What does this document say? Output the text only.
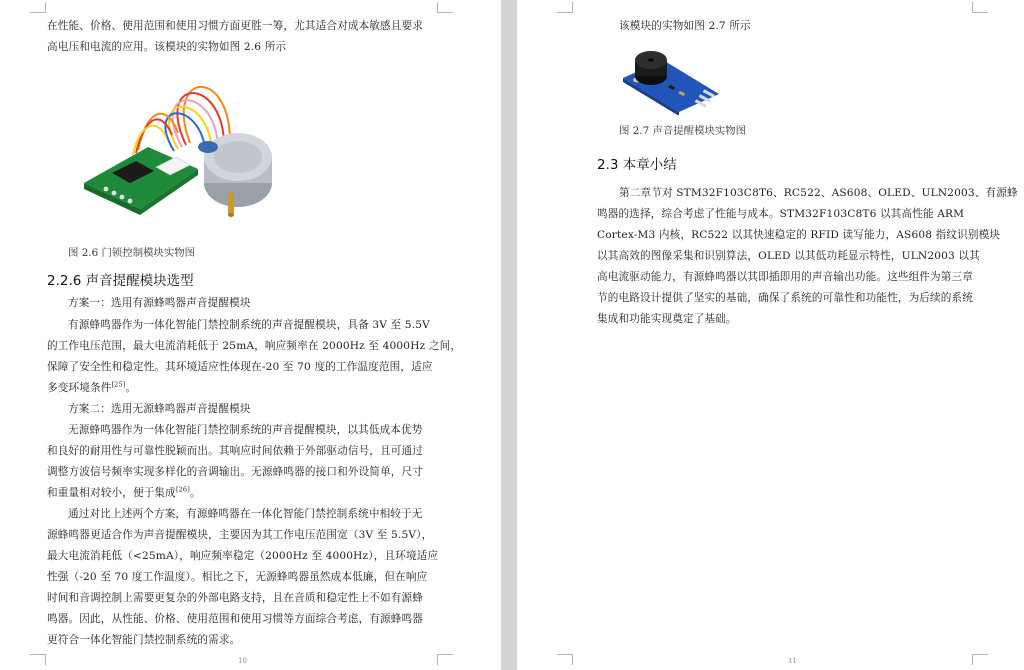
在性能、价格、使用范围和使用习惯方面更胜一筹，尤其适合对成本敏感且要求
高电压和电流的应用。该模块的实物如图 2.6 所示
图 2.6 门锁控制模块实物图
2.2.6 声音提醒模块选型
方案一：选用有源蜂鸣器声音提醒模块
有源蜂鸣器作为一体化智能门禁控制系统的声音提醒模块，具备 3V 至 5.5V
的工作电压范围，最大电流消耗低于 25mA，响应频率在 2000Hz 至 4000Hz 之间，
保障了安全性和稳定性。其环境适应性体现在-20 至 70 度的工作温度范围，适应
多变环境条件[25]。
方案二：选用无源蜂鸣器声音提醒模块
无源蜂鸣器作为一体化智能门禁控制系统的声音提醒模块，以其低成本优势
和良好的耐用性与可靠性脱颖而出。其响应时间依赖于外部驱动信号，且可通过
调整方波信号频率实现多样化的音调输出。无源蜂鸣器的接口和外设简单，尺寸
和重量相对较小，便于集成[26]。
通过对比上述两个方案，有源蜂鸣器在一体化智能门禁控制系统中相较于无
源蜂鸣器更适合作为声音提醒模块，主要因为其工作电压范围宽（3V 至 5.5V），
最大电流消耗低（<25mA），响应频率稳定（2000Hz 至 4000Hz），且环境适应
性强（-20 至 70 度工作温度）。相比之下，无源蜂鸣器虽然成本低廉，但在响应
时间和音调控制上需要更复杂的外部电路支持，且在音质和稳定性上不如有源蜂
鸣器。因此，从性能、价格、使用范围和使用习惯等方面综合考虑，有源蜂鸣器
更符合一体化智能门禁控制系统的需求。
10
该模块的实物如图 2.7 所示
图 2.7 声音提醒模块实物图
2.3 本章小结
第二章节对 STM32F103C8T6、RC522、AS608、OLED、ULN2003、有源蜂
鸣器的选择，综合考虑了性能与成本。STM32F103C8T6 以其高性能 ARM
Cortex-M3 内核，RC522 以其快速稳定的 RFID 读写能力，AS608 指纹识别模块
以其高效的图像采集和识别算法，OLED 以其低功耗显示特性，ULN2003 以其
高电流驱动能力，有源蜂鸣器以其即插即用的声音输出功能。这些组件为第三章
节的电路设计提供了坚实的基础，确保了系统的可靠性和功能性，为后续的系统
集成和功能实现奠定了基础。
11
